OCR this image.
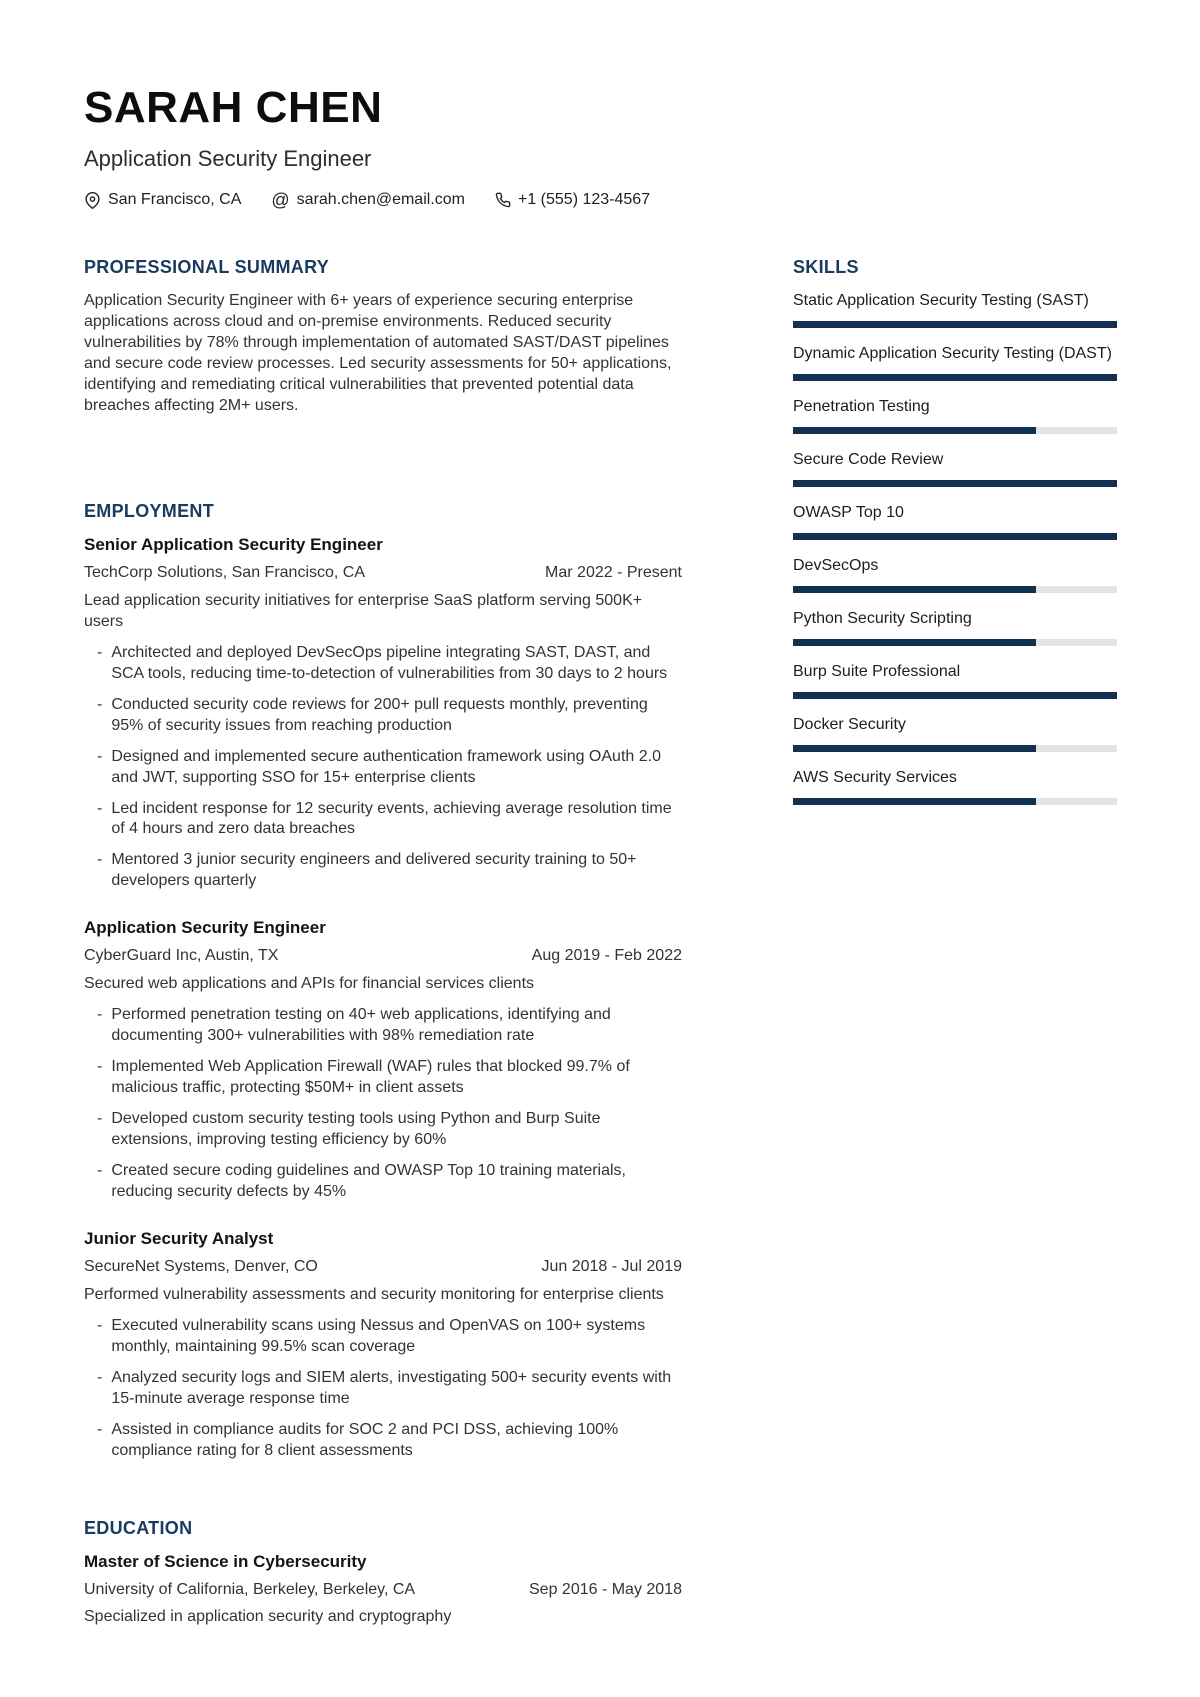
SARAH CHEN
Application Security Engineer
San Francisco, CA @ sarah.chen@email.com	+1 (555) 123-4567
PROFESSIONAL SUMMARY
Application Security Engineer with 6+ years of experience securing enterprise applications across cloud and on-premise environments. Reduced security vulnerabilities by 78% through implementation of automated SAST/DAST pipelines and secure code review processes. Led security assessments for 50+ applications, identifying and remediating critical vulnerabilities that prevented potential data breaches affecting 2M+ users.
EMPLOYMENT
Senior Application Security Engineer
TechCorp Solutions, San Francisco, CA	Mar 2022 - Present
Lead application security initiatives for enterprise SaaS platform serving 500K+ users
- Architected and deployed DevSecOps pipeline integrating SAST, DAST, and SCA tools, reducing time-to-detection of vulnerabilities from 30 days to 2 hours
- Conducted security code reviews for 200+ pull requests monthly, preventing 95% of security issues from reaching production
- Designed and implemented secure authentication framework using OAuth 2.0 and JWT, supporting SSO for 15+ enterprise clients
- Led incident response for 12 security events, achieving average resolution time of 4 hours and zero data breaches
- Mentored 3 junior security engineers and delivered security training to 50+ developers quarterly
Application Security Engineer
CyberGuard Inc, Austin, TX	Aug 2019 - Feb 2022
Secured web applications and APIs for financial services clients
- Performed penetration testing on 40+ web applications, identifying and documenting 300+ vulnerabilities with 98% remediation rate
- Implemented Web Application Firewall (WAF) rules that blocked 99.7% of malicious traffic, protecting $50M+ in client assets
- Developed custom security testing tools using Python and Burp Suite extensions, improving testing efficiency by 60%
- Created secure coding guidelines and OWASP Top 10 training materials, reducing security defects by 45%
Junior Security Analyst
SecureNet Systems, Denver, CO	Jun 2018 - Jul 2019
Performed vulnerability assessments and security monitoring for enterprise clients
- Executed vulnerability scans using Nessus and OpenVAS on 100+ systems monthly, maintaining 99.5% scan coverage
- Analyzed security logs and SIEM alerts, investigating 500+ security events with 15-minute average response time
- Assisted in compliance audits for SOC 2 and PCI DSS, achieving 100% compliance rating for 8 client assessments
EDUCATION
Master of Science in Cybersecurity
University of California, Berkeley, Berkeley, CA	Sep 2016 - May 2018
Specialized in application security and cryptography
SKILLS
Static Application Security Testing (SAST)
Dynamic Application Security Testing (DAST)
Penetration Testing
Secure Code Review
OWASP Top 10
DevSecOps
Python Security Scripting
Burp Suite Professional
Docker Security
AWS Security Services
